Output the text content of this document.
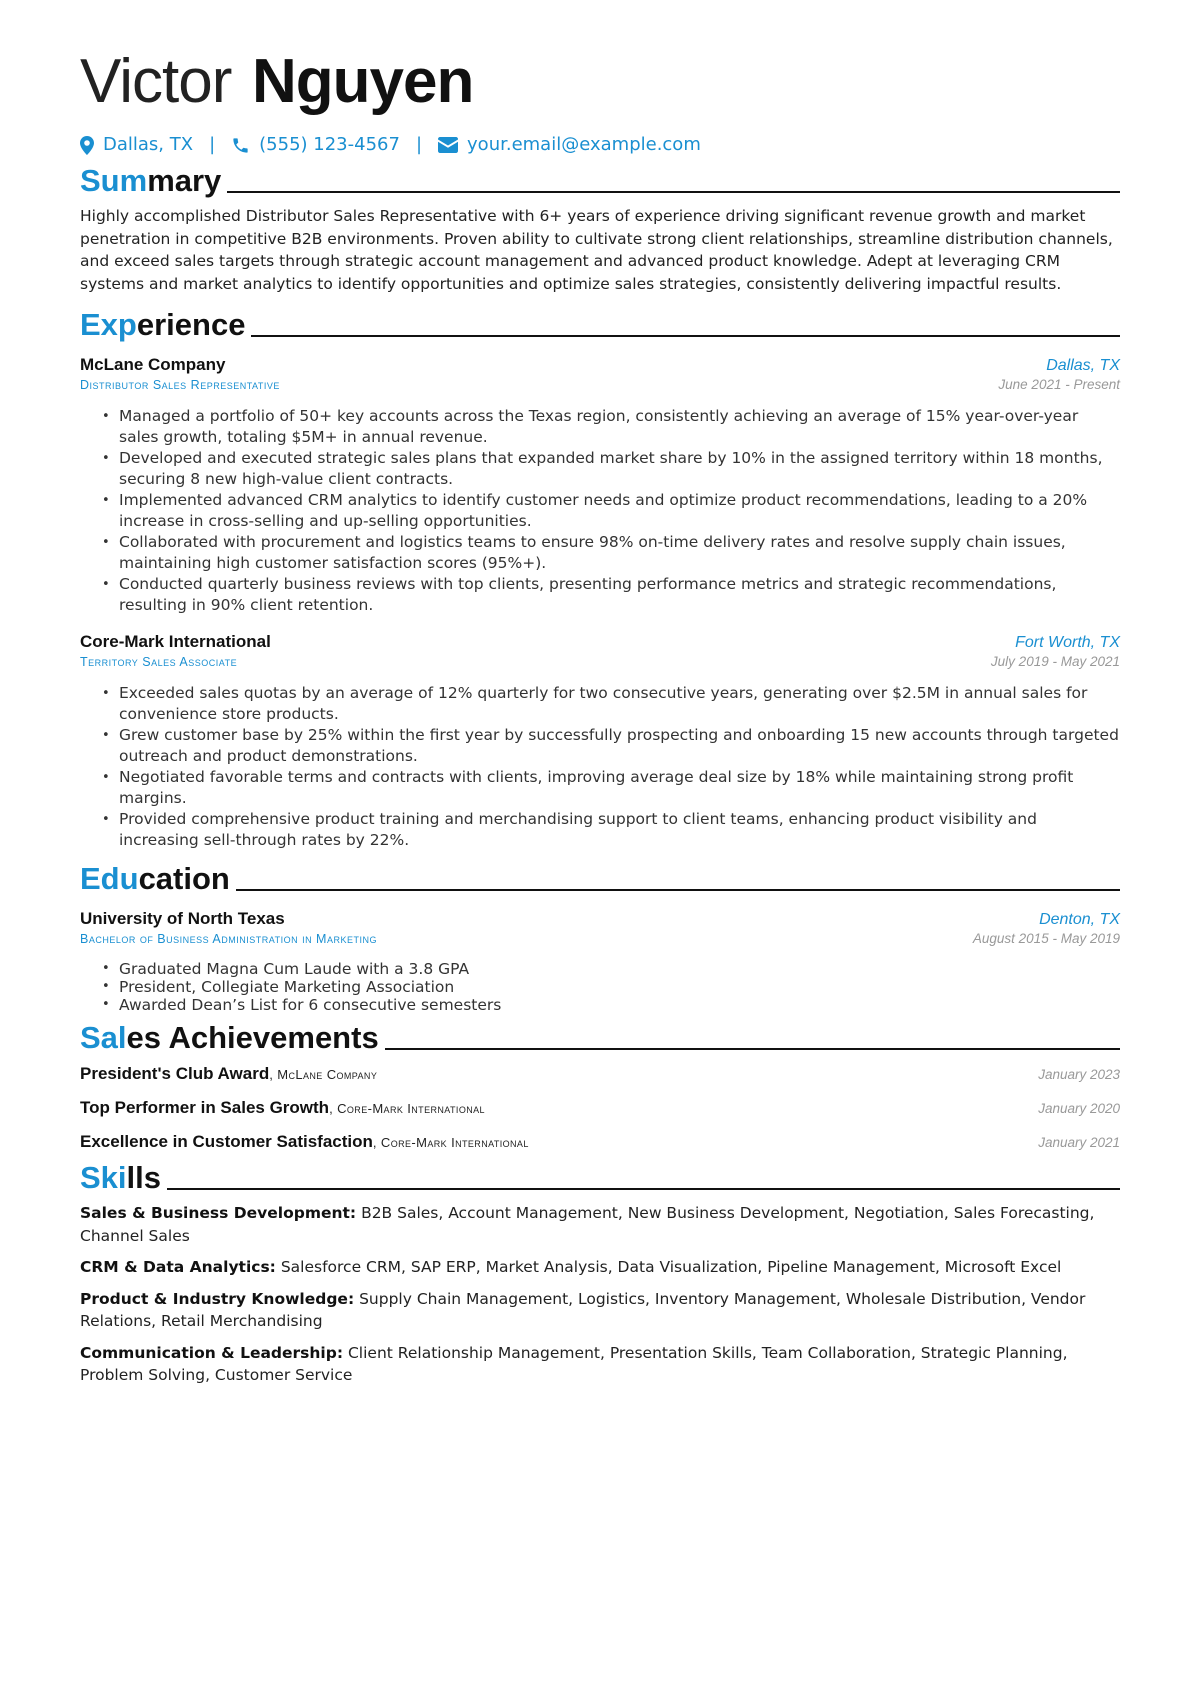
Victor Nguyen
Dallas, TX | (555) 123-4567 |	your.email@example.com
Summary

Highly accomplished Distributor Sales Representative with 6+ years of experience driving significant revenue growth and market penetration in competitive B2B environments. Proven ability to cultivate strong client relationships, streamline distribution channels, and exceed sales targets through strategic account management and advanced product knowledge. Adept at leveraging CRM systems and market analytics to identify opportunities and optimize sales strategies, consistently delivering impactful results.

Experience
McLane Company	Dallas, TX
Distributor Sales Representative	June 2021 - Present
• Managed a portfolio of 50+ key accounts across the Texas region, consistently achieving an average of 15% year-over-year sales growth, totaling $5M+ in annual revenue.
• Developed and executed strategic sales plans that expanded market share by 10% in the assigned territory within 18 months, securing 8 new high-value client contracts.
• Implemented advanced CRM analytics to identify customer needs and optimize product recommendations, leading to a 20% increase in cross-selling and up-selling opportunities.
• Collaborated with procurement and logistics teams to ensure 98% on-time delivery rates and resolve supply chain issues, maintaining high customer satisfaction scores (95%+).
• Conducted quarterly business reviews with top clients, presenting performance metrics and strategic recommendations, resulting in 90% client retention.
Core-Mark International	Fort Worth, TX
Territory Sales Associate	July 2019 - May 2021
• Exceeded sales quotas by an average of 12% quarterly for two consecutive years, generating over $2.5M in annual sales for convenience store products.
• Grew customer base by 25% within the first year by successfully prospecting and onboarding 15 new accounts through targeted outreach and product demonstrations.
• Negotiated favorable terms and contracts with clients, improving average deal size by 18% while maintaining strong profit margins.
• Provided comprehensive product training and merchandising support to client teams, enhancing product visibility and increasing sell-through rates by 22%.
Education
University of North Texas	Denton, TX
Bachelor of Business Administration in Marketing	August 2015 - May 2019
• Graduated Magna Cum Laude with a 3.8 GPA
• President, Collegiate Marketing Association
• Awarded Dean’s List for 6 consecutive semesters
Sales Achievements
President's Club Award, McLane Company	January 2023
Top Performer in Sales Growth, Core-Mark International	January 2020
Excellence in Customer Satisfaction, Core-Mark International	January 2021
Skills

Sales & Business Development: B2B Sales, Account Management, New Business Development, Negotiation, Sales Forecasting, Channel Sales

CRM & Data Analytics: Salesforce CRM, SAP ERP, Market Analysis, Data Visualization, Pipeline Management, Microsoft Excel

Product & Industry Knowledge: Supply Chain Management, Logistics, Inventory Management, Wholesale Distribution, Vendor Relations, Retail Merchandising

Communication & Leadership: Client Relationship Management, Presentation Skills, Team Collaboration, Strategic Planning, Problem Solving, Customer Service
